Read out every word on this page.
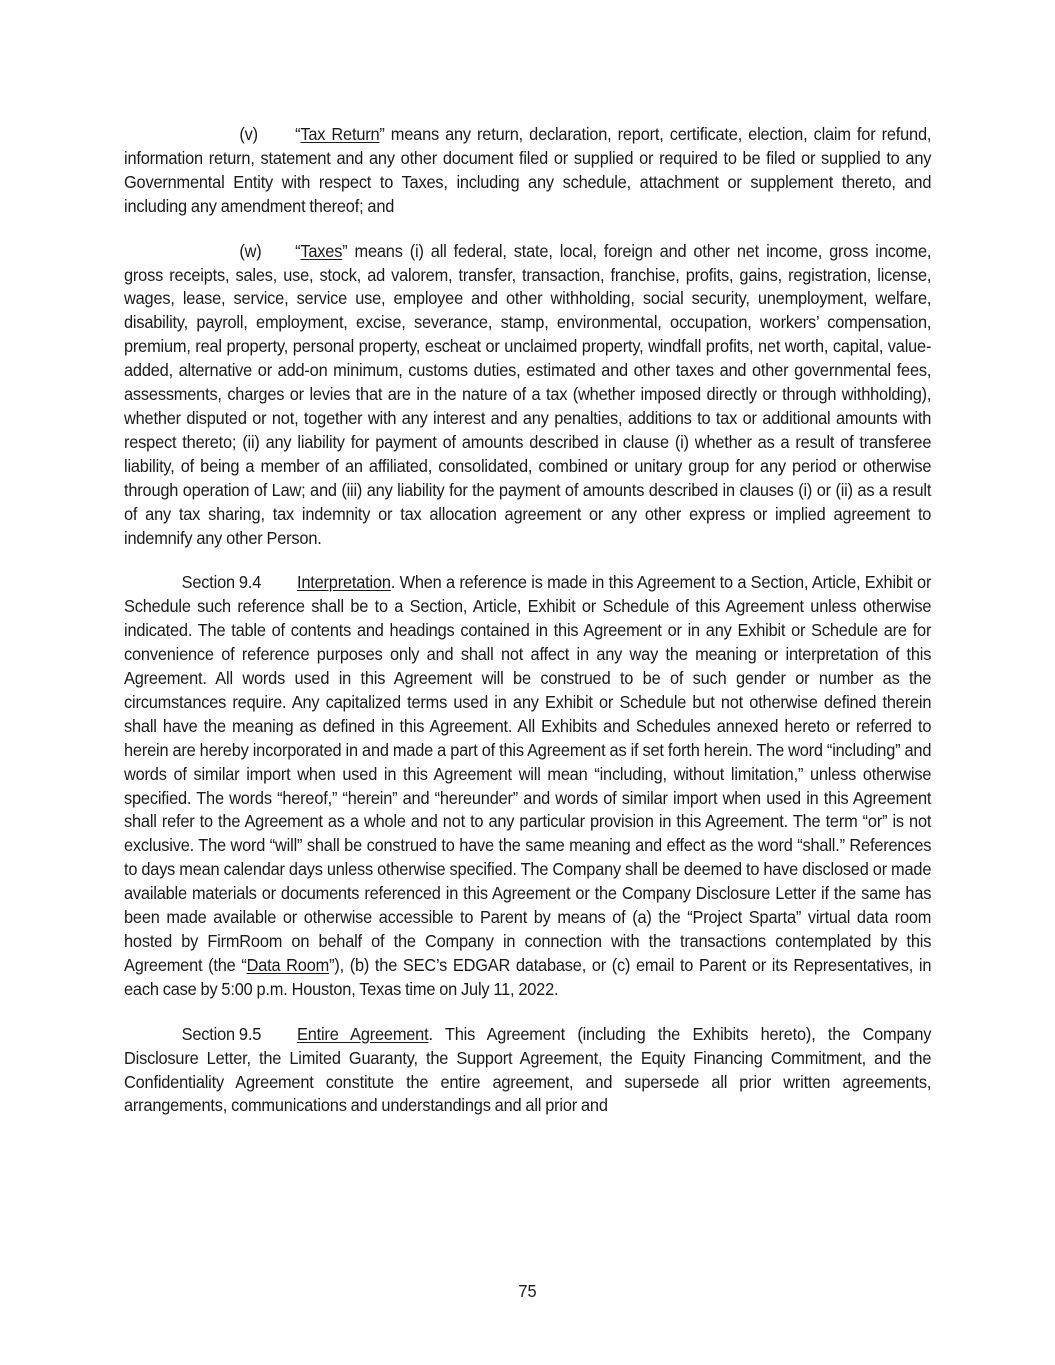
(v) “Tax Return” means any return, declaration, report, certificate, election, claim for refund, information return, statement and any other document filed or supplied or required to be filed or supplied to any Governmental Entity with respect to Taxes, including any schedule, attachment or supplement thereto, and including any amendment thereof; and

(w) “Taxes” means (i) all federal, state, local, foreign and other net income, gross income, gross receipts, sales, use, stock, ad valorem, transfer, transaction, franchise, profits, gains, registration, license, wages, lease, service, service use, employee and other withholding, social security, unemployment, welfare, disability, payroll, employment, excise, severance, stamp, environmental, occupation, workers’ compensation, premium, real property, personal property, escheat or unclaimed property, windfall profits, net worth, capital, value-added, alternative or add-on minimum, customs duties, estimated and other taxes and other governmental fees, assessments, charges or levies that are in the nature of a tax (whether imposed directly or through withholding), whether disputed or not, together with any interest and any penalties, additions to tax or additional amounts with respect thereto; (ii) any liability for payment of amounts described in clause (i) whether as a result of transferee liability, of being a member of an affiliated, consolidated, combined or unitary group for any period or otherwise through operation of Law; and (iii) any liability for the payment of amounts described in clauses (i) or (ii) as a result of any tax sharing, tax indemnity or tax allocation agreement or any other express or implied agreement to indemnify any other Person.

Section 9.4 Interpretation. When a reference is made in this Agreement to a Section, Article, Exhibit or Schedule such reference shall be to a Section, Article, Exhibit or Schedule of this Agreement unless otherwise indicated. The table of contents and headings contained in this Agreement or in any Exhibit or Schedule are for convenience of reference purposes only and shall not affect in any way the meaning or interpretation of this Agreement. All words used in this Agreement will be construed to be of such gender or number as the circumstances require. Any capitalized terms used in any Exhibit or Schedule but not otherwise defined therein shall have the meaning as defined in this Agreement. All Exhibits and Schedules annexed hereto or referred to herein are hereby incorporated in and made a part of this Agreement as if set forth herein. The word “including” and words of similar import when used in this Agreement will mean “including, without limitation,” unless otherwise specified. The words “hereof,” “herein” and “hereunder” and words of similar import when used in this Agreement shall refer to the Agreement as a whole and not to any particular provision in this Agreement. The term “or” is not exclusive. The word “will” shall be construed to have the same meaning and effect as the word “shall.” References to days mean calendar days unless otherwise specified. The Company shall be deemed to have disclosed or made available materials or documents referenced in this Agreement or the Company Disclosure Letter if the same has been made available or otherwise accessible to Parent by means of (a) the “Project Sparta” virtual data room hosted by FirmRoom on behalf of the Company in connection with the transactions contemplated by this Agreement (the “Data Room”), (b) the SEC’s EDGAR database, or (c) email to Parent or its Representatives, in each case by 5:00 p.m. Houston, Texas time on July 11, 2022.

Section 9.5 Entire Agreement. This Agreement (including the Exhibits hereto), the Company Disclosure Letter, the Limited Guaranty, the Support Agreement, the Equity Financing Commitment, and the Confidentiality Agreement constitute the entire agreement, and supersede all prior written agreements, arrangements, communications and understandings and all prior and

75
